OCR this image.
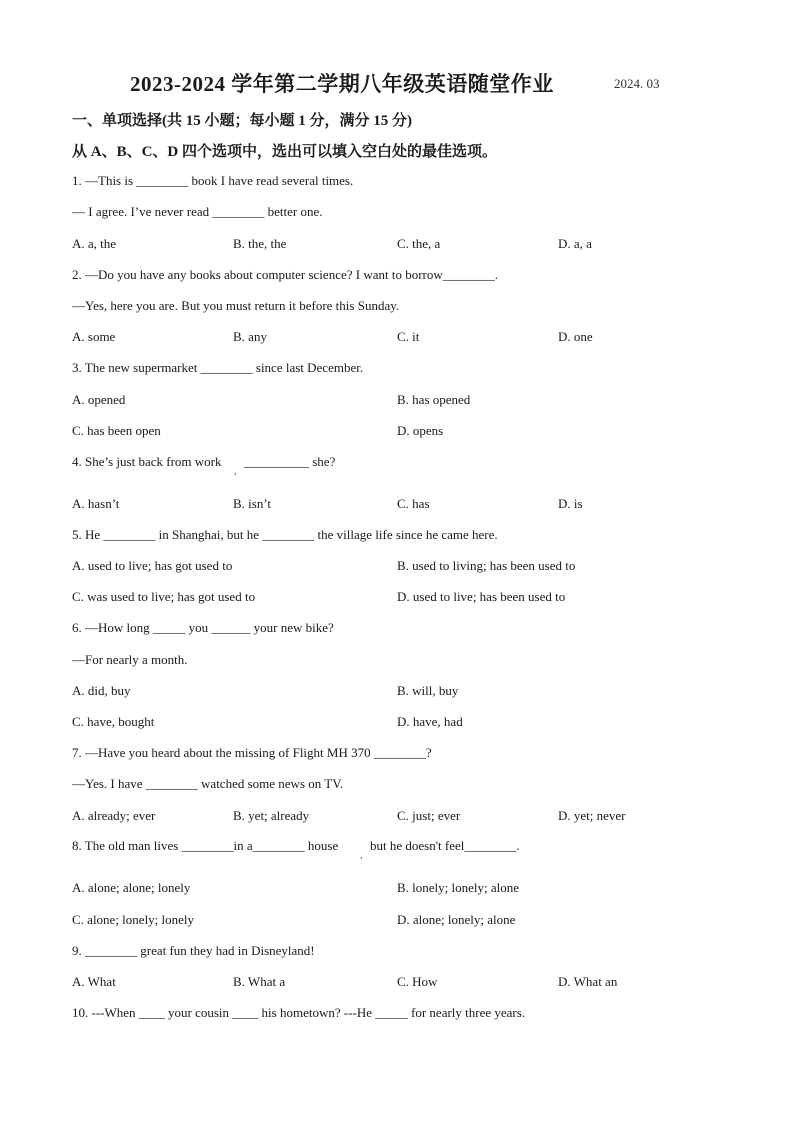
2023-2024 学年第二学期八年级英语随堂作业	2024. 03
一、单项选择(共 15 小题；每小题 1 分，满分 15 分)
从 A、B、C、D 四个选项中，选出可以填入空白处的最佳选项。
1. —This is ________ book I have read several times.
— I agree. I’ve never read ________ better one.
A. a, the	B. the, the	C. the, a	D. a, a
2. —Do you have any books about computer science? I want to borrow________.
—Yes, here you are. But you must return it before this Sunday.
A. some	B. any	C. it	D. one
3. The new supermarket ________ since last December.
A. opened	B. has opened
C. has been open	D. opens
4. She’s just back from work
,
__________ she?
A. hasn’t	B. isn’t	C. has	D. is
5. He ________ in Shanghai, but he ________ the village life since he came here.
A. used to live; has got used to	B. used to living; has been used to
C. was used to live; has got used to	D. used to live; has been used to
6. —How long _____ you ______ your new bike?
—For nearly a month.
A. did, buy	B. will, buy
C. have, bought	D. have, had
7. —Have you heard about the missing of Flight MH 370 ________?
—Yes. I have ________ watched some news on TV.
A. already; ever	B. yet; already	C. just; ever	D. yet; never
8. The old man lives ________in a________ house
,
but he doesn't feel________.
A. alone; alone; lonely	B. lonely; lonely; alone
C. alone; lonely; lonely	D. alone; lonely; alone
9. ________ great fun they had in Disneyland!
A. What	B. What a	C. How	D. What an
10. ---When ____ your cousin ____ his hometown? ---He _____ for nearly three years.
